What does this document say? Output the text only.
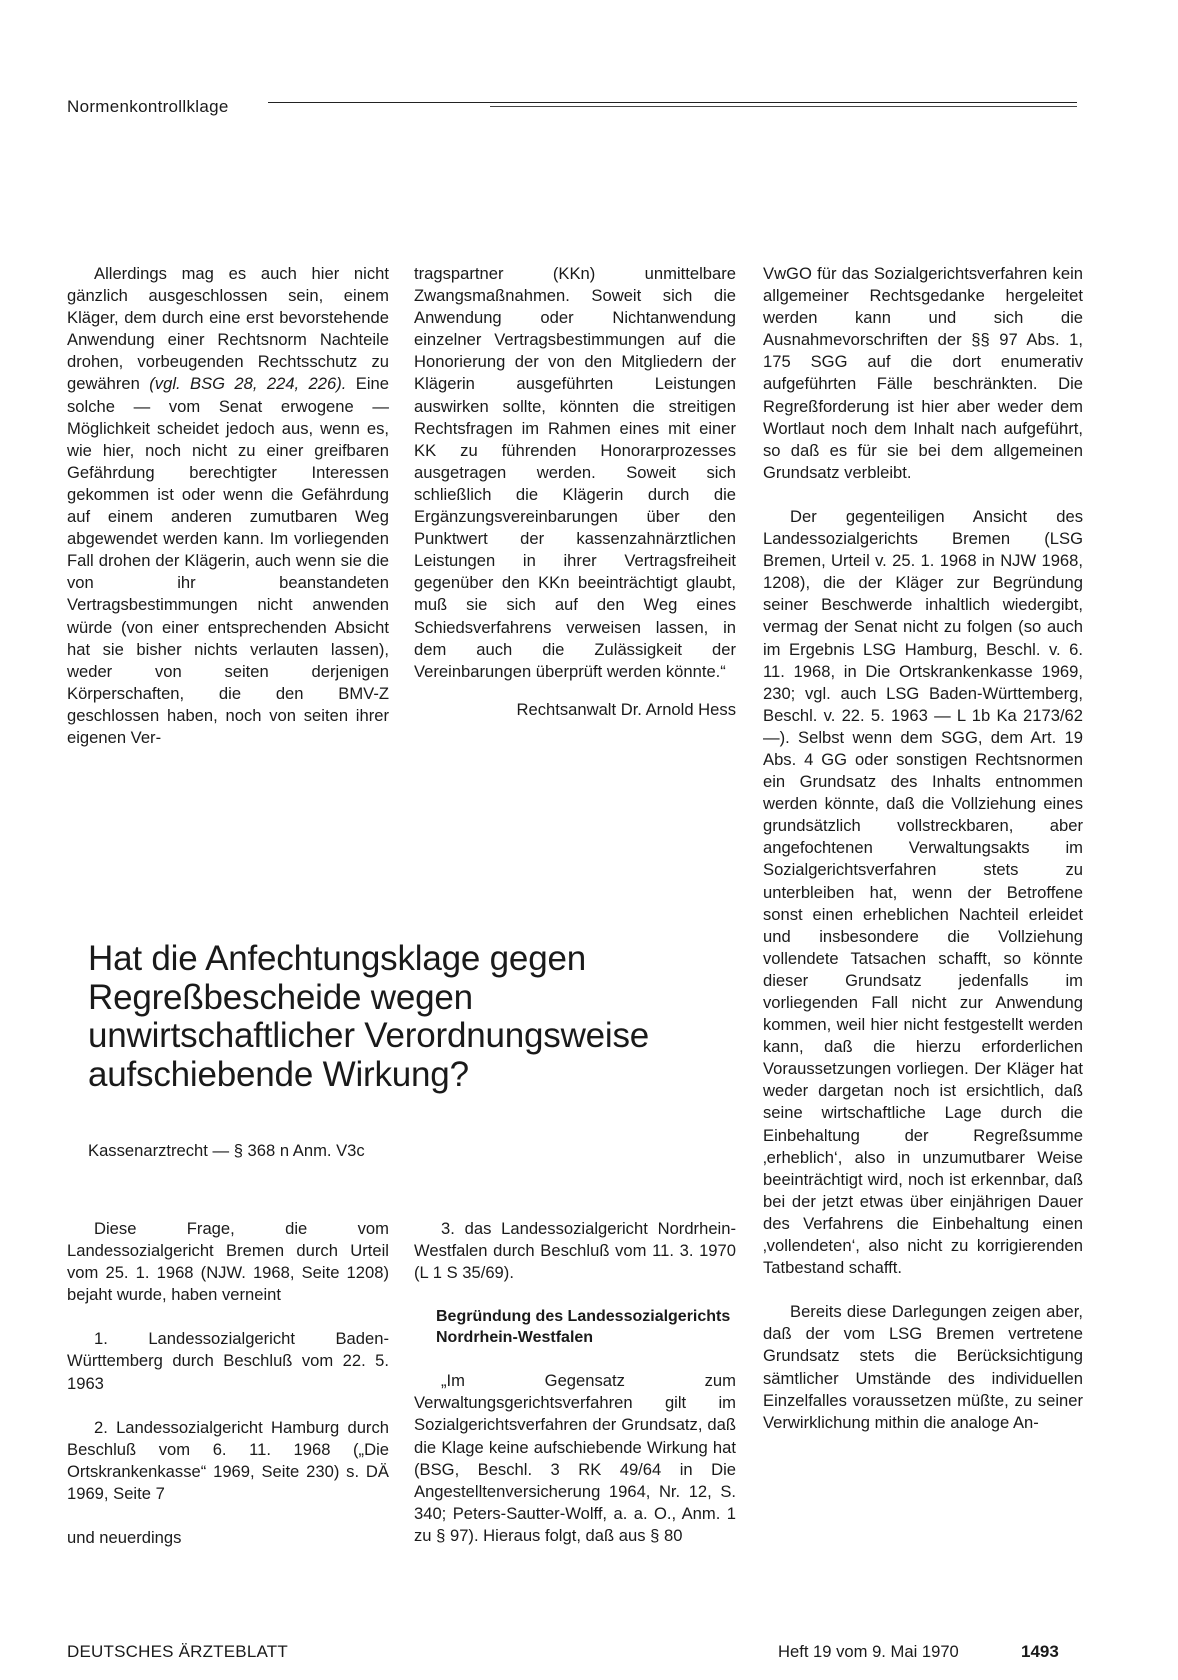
Normenkontrollklage

Allerdings mag es auch hier nicht gänzlich ausgeschlossen sein, einem Kläger, dem durch eine erst bevorstehende Anwendung einer Rechtsnorm Nachteile drohen, vorbeugenden Rechtsschutz zu gewähren (vgl. BSG 28, 224, 226). Eine solche — vom Senat erwogene — Möglichkeit scheidet jedoch aus, wenn es, wie hier, noch nicht zu einer greifbaren Gefährdung berechtigter Interessen gekommen ist oder wenn die Gefährdung auf einem anderen zumutbaren Weg abgewendet werden kann. Im vorliegenden Fall drohen der Klägerin, auch wenn sie die von ihr beanstandeten Vertragsbestimmungen nicht anwenden würde (von einer entsprechenden Absicht hat sie bisher nichts verlauten lassen), weder von seiten derjenigen Körperschaften, die den BMV-Z geschlossen haben, noch von seiten ihrer eigenen Ver-

tragspartner (KKn) unmittelbare Zwangsmaßnahmen. Soweit sich die Anwendung oder Nichtanwendung einzelner Vertragsbestimmungen auf die Honorierung der von den Mitgliedern der Klägerin ausgeführten Leistungen auswirken sollte, könnten die streitigen Rechtsfragen im Rahmen eines mit einer KK zu führenden Honorarprozesses ausgetragen werden. Soweit sich schließlich die Klägerin durch die Ergänzungsvereinbarungen über den Punktwert der kassenzahnärztlichen Leistungen in ihrer Vertragsfreiheit gegenüber den KKn beeinträchtigt glaubt, muß sie sich auf den Weg eines Schiedsverfahrens verweisen lassen, in dem auch die Zulässigkeit der Vereinbarungen überprüft werden könnte.“

Rechtsanwalt Dr. Arnold Hess

VwGO für das Sozialgerichtsverfahren kein allgemeiner Rechtsgedanke hergeleitet werden kann und sich die Ausnahmevorschriften der §§ 97 Abs. 1, 175 SGG auf die dort enumerativ aufgeführten Fälle beschränkten. Die Regreßforderung ist hier aber weder dem Wortlaut noch dem Inhalt nach aufgeführt, so daß es für sie bei dem allgemeinen Grundsatz verbleibt.

Der gegenteiligen Ansicht des Landessozialgerichts Bremen (LSG Bremen, Urteil v. 25. 1. 1968 in NJW 1968, 1208), die der Kläger zur Begründung seiner Beschwerde inhaltlich wiedergibt, vermag der Senat nicht zu folgen (so auch im Ergebnis LSG Hamburg, Beschl. v. 6. 11. 1968, in Die Ortskrankenkasse 1969, 230; vgl. auch LSG Baden-Württemberg, Beschl. v. 22. 5. 1963 — L 1b Ka 2173/62 —). Selbst wenn dem SGG, dem Art. 19 Abs. 4 GG oder sonstigen Rechtsnormen ein Grundsatz des Inhalts entnommen werden könnte, daß die Vollziehung eines grundsätzlich vollstreckbaren, aber angefochtenen Verwaltungsakts im Sozialgerichtsverfahren stets zu unterbleiben hat, wenn der Betroffene sonst einen erheblichen Nachteil erleidet und insbesondere die Vollziehung vollendete Tatsachen schafft, so könnte dieser Grundsatz jedenfalls im vorliegenden Fall nicht zur Anwendung kommen, weil hier nicht festgestellt werden kann, daß die hierzu erforderlichen Voraussetzungen vorliegen. Der Kläger hat weder dargetan noch ist ersichtlich, daß seine wirtschaftliche Lage durch die Einbehaltung der Regreßsumme ‚erheblich‘, also in unzumutbarer Weise beeinträchtigt wird, noch ist erkennbar, daß bei der jetzt etwas über einjährigen Dauer des Verfahrens die Einbehaltung einen ‚vollendeten‘, also nicht zu korrigierenden Tatbestand schafft.

Bereits diese Darlegungen zeigen aber, daß der vom LSG Bremen vertretene Grundsatz stets die Berücksichtigung sämtlicher Umstände des individuellen Einzelfalles voraussetzen müßte, zu seiner Verwirklichung mithin die analoge An-

Hat die Anfechtungsklage gegen Regreßbescheide wegen unwirtschaftlicher Verordnungsweise aufschiebende Wirkung?
Kassenarztrecht — § 368 n Anm. V3c

Diese Frage, die vom Landessozialgericht Bremen durch Urteil vom 25. 1. 1968 (NJW. 1968, Seite 1208) bejaht wurde, haben verneint

1. Landessozialgericht Baden-Württemberg durch Beschluß vom 22. 5. 1963

2. Landessozialgericht Hamburg durch Beschluß vom 6. 11. 1968 („Die Ortskrankenkasse“ 1969, Seite 230) s. DÄ 1969, Seite 7

und neuerdings

3. das Landessozialgericht Nordrhein-Westfalen durch Beschluß vom 11. 3. 1970 (L 1 S 35/69).

Begründung des Landessozialgerichts Nordrhein-Westfalen

„Im Gegensatz zum Verwaltungsgerichtsverfahren gilt im Sozialgerichtsverfahren der Grundsatz, daß die Klage keine aufschiebende Wirkung hat (BSG, Beschl. 3 RK 49/64 in Die Angestelltenversicherung 1964, Nr. 12, S. 340; Peters-Sautter-Wolff, a. a. O., Anm. 1 zu § 97). Hieraus folgt, daß aus § 80

DEUTSCHES ÄRZTEBLATT	Heft 19 vom 9. Mai 1970	1493
